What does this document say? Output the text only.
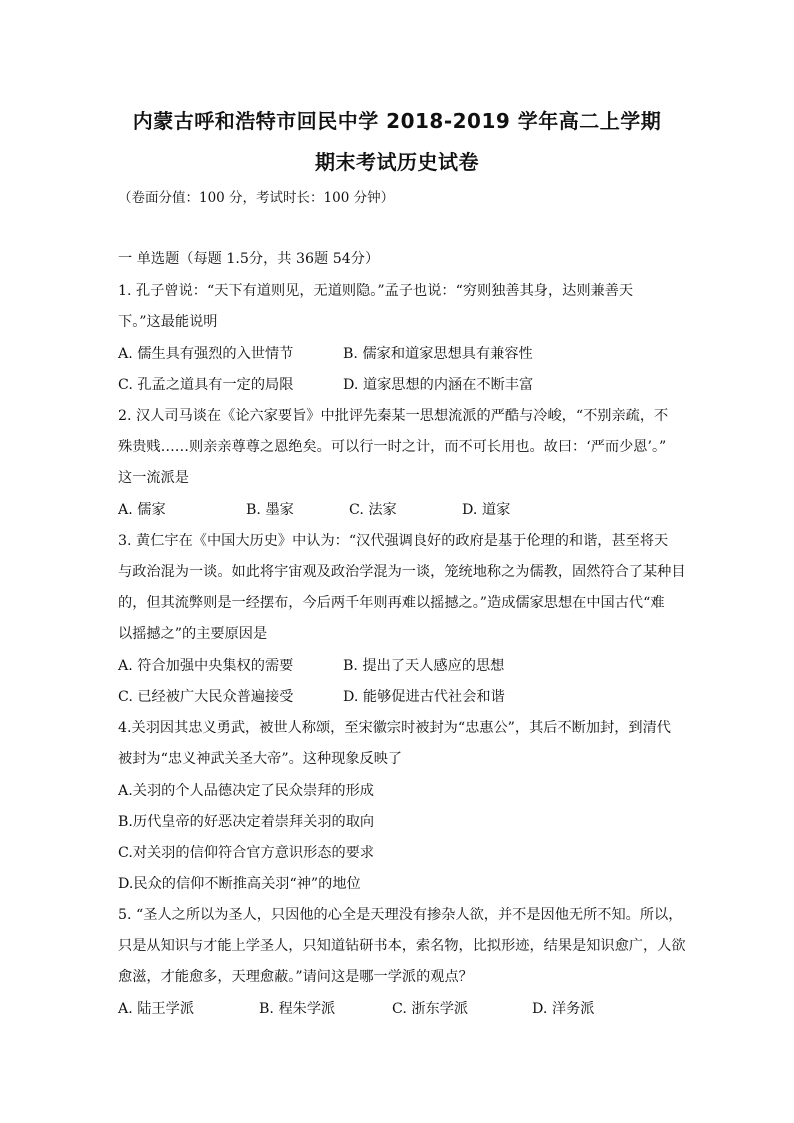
内蒙古呼和浩特市回民中学 2018-2019 学年高二上学期
期末考试历史试卷
（卷面分值：100 分，考试时长：100 分钟）
一 单选题（每题 1.5分，共 36题 54分）
1. 孔子曾说：“天下有道则见，无道则隐。”孟子也说：“穷则独善其身，达则兼善天
下。”这最能说明
A. 儒生具有强烈的入世情节	B. 儒家和道家思想具有兼容性
C. 孔孟之道具有一定的局限	D. 道家思想的内涵在不断丰富
2. 汉人司马谈在《论六家要旨》中批评先秦某一思想流派的严酷与冷峻，“不别亲疏，不
殊贵贱……则亲亲尊尊之恩绝矣。可以行一时之计，而不可长用也。故曰：‘严而少恩’。”
这一流派是
A. 儒家	B. 墨家	C. 法家	D. 道家
3. 黄仁宇在《中国大历史》中认为：“汉代强调良好的政府是基于伦理的和谐，甚至将天
与政治混为一谈。如此将宇宙观及政治学混为一谈，笼统地称之为儒教，固然符合了某种目
的，但其流弊则是一经摆布，今后两千年则再难以摇撼之。”造成儒家思想在中国古代“难
以摇撼之”的主要原因是
A. 符合加强中央集权的需要	B. 提出了天人感应的思想
C. 已经被广大民众普遍接受	D. 能够促进古代社会和谐
4.关羽因其忠义勇武，被世人称颂，至宋徽宗时被封为“忠惠公”，其后不断加封，到清代
被封为“忠义神武关圣大帝”。这种现象反映了
A.关羽的个人品德决定了民众崇拜的形成
B.历代皇帝的好恶决定着崇拜关羽的取向
C.对关羽的信仰符合官方意识形态的要求
D.民众的信仰不断推高关羽“神”的地位
5. “圣人之所以为圣人，只因他的心全是天理没有掺杂人欲，并不是因他无所不知。所以，
只是从知识与才能上学圣人，只知道钻研书本，索名物，比拟形迹，结果是知识愈广，人欲
愈滋，才能愈多，天理愈蔽。”请问这是哪一学派的观点？
A. 陆王学派	B. 程朱学派	C. 浙东学派	D. 洋务派
